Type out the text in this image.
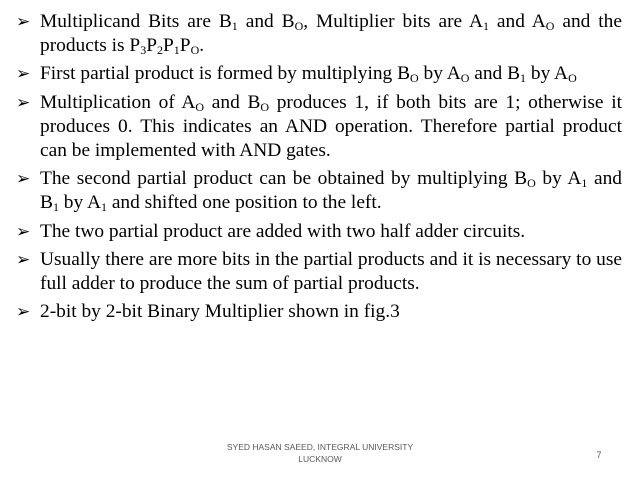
➢ Multiplicand Bits are $B_1$ and $B_O$, Multiplier bits are $A_1$ and $A_O$ and the products is $P_3P_2P_1P_O$.
➢ First partial product is formed by multiplying $B_O$ by $A_O$ and $B_1$ by $A_O$
➢ Multiplication of $A_O$ and $B_O$ produces 1, if both bits are 1; otherwise it produces 0. This indicates an AND operation. Therefore partial product can be implemented with AND gates.
➢ The second partial product can be obtained by multiplying $B_O$ by $A_1$ and $B_1$ by $A_1$ and shifted one position to the left.
➢ The two partial product are added with two half adder circuits.
➢ Usually there are more bits in the partial products and it is necessary to use full adder to produce the sum of partial products.
➢ 2-bit by 2-bit Binary Multiplier shown in fig.3
SYED HASAN SAEED, INTEGRAL UNIVERSITY
LUCKNOW	7
